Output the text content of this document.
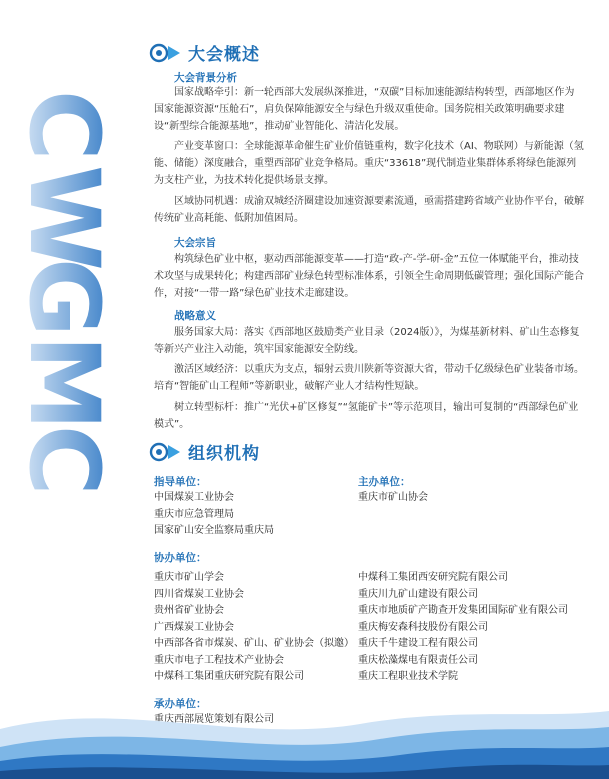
C
W
G
M
C
大会概述
大会背景分析

国家战略牵引：新一轮西部大发展纵深推进，“双碳”目标加速能源结构转型，西部地区作为国家能源资源“压舱石”，肩负保障能源安全与绿色升级双重使命。国务院相关政策明确要求建设“新型综合能源基地”，推动矿业智能化、清洁化发展。

产业变革窗口：全球能源革命催生矿业价值链重构，数字化技术（AI、物联网）与新能源（氢能、储能）深度融合，重塑西部矿业竞争格局。重庆“33618”现代制造业集群体系将绿色能源列为支柱产业，为技术转化提供场景支撑。

区域协同机遇：成渝双城经济圈建设加速资源要素流通，亟需搭建跨省域产业协作平台，破解传统矿业高耗能、低附加值困局。

大会宗旨

构筑绿色矿业中枢，驱动西部能源变革——打造“政-产-学-研-金”五位一体赋能平台，推动技术攻坚与成果转化；构建西部矿业绿色转型标准体系，引领全生命周期低碳管理；强化国际产能合作，对接“一带一路”绿色矿业技术走廊建设。

战略意义

服务国家大局：落实《西部地区鼓励类产业目录（2024版）》，为煤基新材料、矿山生态修复等新兴产业注入动能，筑牢国家能源安全防线。

激活区域经济：以重庆为支点，辐射云贵川陕新等资源大省，带动千亿级绿色矿业装备市场。培育“智能矿山工程师”等新职业，破解产业人才结构性短缺。

树立转型标杆：推广“光伏+矿区修复”“氢能矿卡”等示范项目，输出可复制的“西部绿色矿业模式”。

组织机构
指导单位：
中国煤炭工业协会
重庆市应急管理局
国家矿山安全监察局重庆局
主办单位：
重庆市矿山协会
协办单位：
重庆市矿山学会
四川省煤炭工业协会
贵州省矿业协会
广西煤炭工业协会
中西部各省市煤炭、矿山、矿业协会（拟邀）
重庆市电子工程技术产业协会
中煤科工集团重庆研究院有限公司
中煤科工集团西安研究院有限公司
重庆川九矿山建设有限公司
重庆市地质矿产勘查开发集团国际矿业有限公司
重庆梅安森科技股份有限公司
重庆千牛建设工程有限公司
重庆松藻煤电有限责任公司
重庆工程职业技术学院
承办单位：
重庆西部展览策划有限公司
